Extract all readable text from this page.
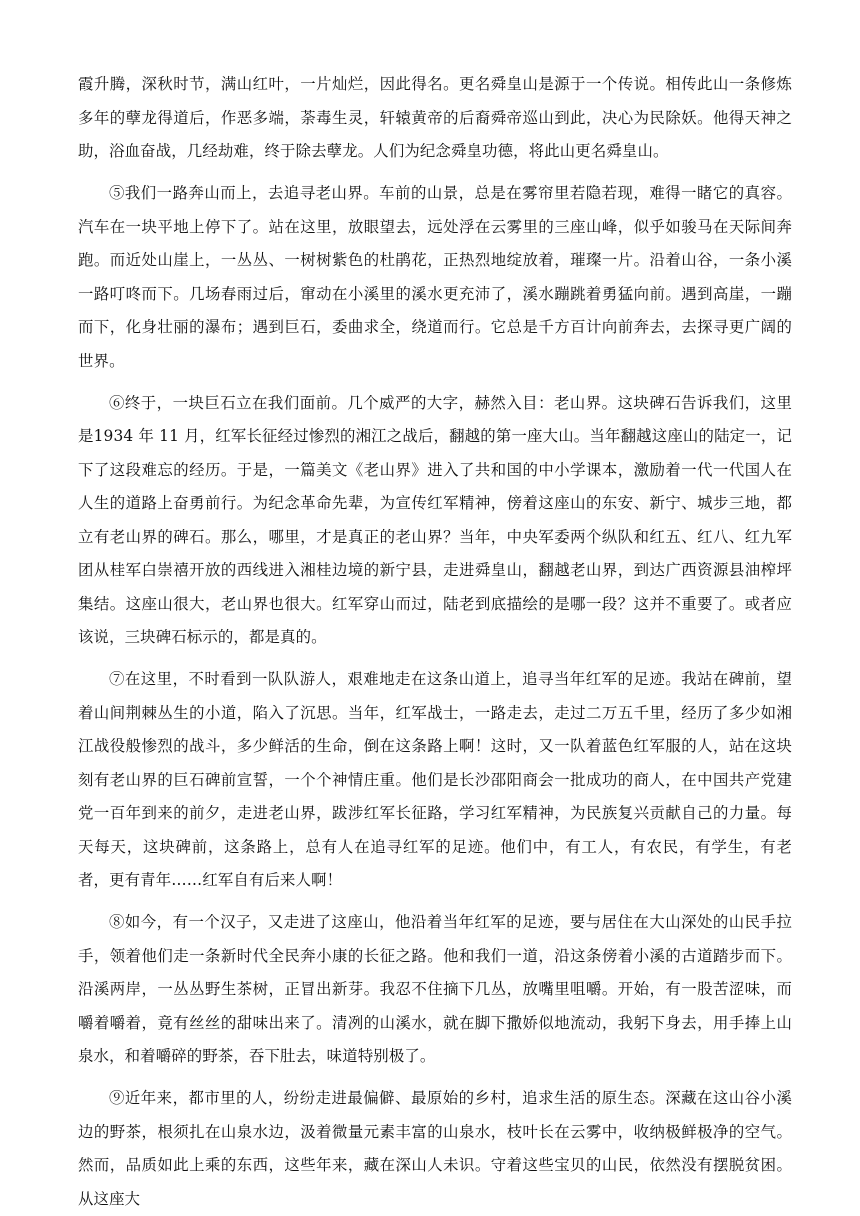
霞升腾，深秋时节，满山红叶，一片灿烂，因此得名。更名舜皇山是源于一个传说。相传此山一条修炼多年的孽龙得道后，作恶多端，荼毒生灵，轩辕黄帝的后裔舜帝巡山到此，决心为民除妖。他得天神之助，浴血奋战，几经劫难，终于除去孽龙。人们为纪念舜皇功德，将此山更名舜皇山。

⑤我们一路奔山而上，去追寻老山界。车前的山景，总是在雾帘里若隐若现，难得一睹它的真容。汽车在一块平地上停下了。站在这里，放眼望去，远处浮在云雾里的三座山峰，似乎如骏马在天际间奔跑。而近处山崖上，一丛丛、一树树紫色的杜鹃花，正热烈地绽放着，璀璨一片。沿着山谷，一条小溪一路叮咚而下。几场春雨过后，窜动在小溪里的溪水更充沛了，溪水蹦跳着勇猛向前。遇到高崖，一蹦而下，化身壮丽的瀑布；遇到巨石，委曲求全，绕道而行。它总是千方百计向前奔去，去探寻更广阔的世界。

⑥终于，一块巨石立在我们面前。几个威严的大字，赫然入目：老山界。这块碑石告诉我们，这里是1934 年 11 月，红军长征经过惨烈的湘江之战后，翻越的第一座大山。当年翻越这座山的陆定一，记下了这段难忘的经历。于是，一篇美文《老山界》进入了共和国的中小学课本，激励着一代一代国人在人生的道路上奋勇前行。为纪念革命先辈，为宣传红军精神，傍着这座山的东安、新宁、城步三地，都立有老山界的碑石。那么，哪里，才是真正的老山界？当年，中央军委两个纵队和红五、红八、红九军团从桂军白崇禧开放的西线进入湘桂边境的新宁县，走进舜皇山，翻越老山界，到达广西资源县油榨坪集结。这座山很大，老山界也很大。红军穿山而过，陆老到底描绘的是哪一段？这并不重要了。或者应该说，三块碑石标示的，都是真的。

⑦在这里，不时看到一队队游人，艰难地走在这条山道上，追寻当年红军的足迹。我站在碑前，望着山间荆棘丛生的小道，陷入了沉思。当年，红军战士，一路走去，走过二万五千里，经历了多少如湘江战役般惨烈的战斗，多少鲜活的生命，倒在这条路上啊！这时，又一队着蓝色红军服的人，站在这块刻有老山界的巨石碑前宣誓，一个个神情庄重。他们是长沙邵阳商会一批成功的商人，在中国共产党建党一百年到来的前夕，走进老山界，跋涉红军长征路，学习红军精神，为民族复兴贡献自己的力量。每天每天，这块碑前，这条路上，总有人在追寻红军的足迹。他们中，有工人，有农民，有学生，有老者，更有青年……红军自有后来人啊！

⑧如今，有一个汉子，又走进了这座山，他沿着当年红军的足迹，要与居住在大山深处的山民手拉手，领着他们走一条新时代全民奔小康的长征之路。他和我们一道，沿这条傍着小溪的古道踏步而下。沿溪两岸，一丛丛野生茶树，正冒出新芽。我忍不住摘下几丛，放嘴里咀嚼。开始，有一股苦涩味，而嚼着嚼着，竟有丝丝的甜味出来了。清冽的山溪水，就在脚下撒娇似地流动，我躬下身去，用手捧上山泉水，和着嚼碎的野茶，吞下肚去，味道特别极了。

⑨近年来，都市里的人，纷纷走进最偏僻、最原始的乡村，追求生活的原生态。深藏在这山谷小溪边的野茶，根须扎在山泉水边，汲着微量元素丰富的山泉水，枝叶长在云雾中，收纳极鲜极净的空气。然而，品质如此上乘的东西，这些年来，藏在深山人未识。守着这些宝贝的山民，依然没有摆脱贫困。从这座大
